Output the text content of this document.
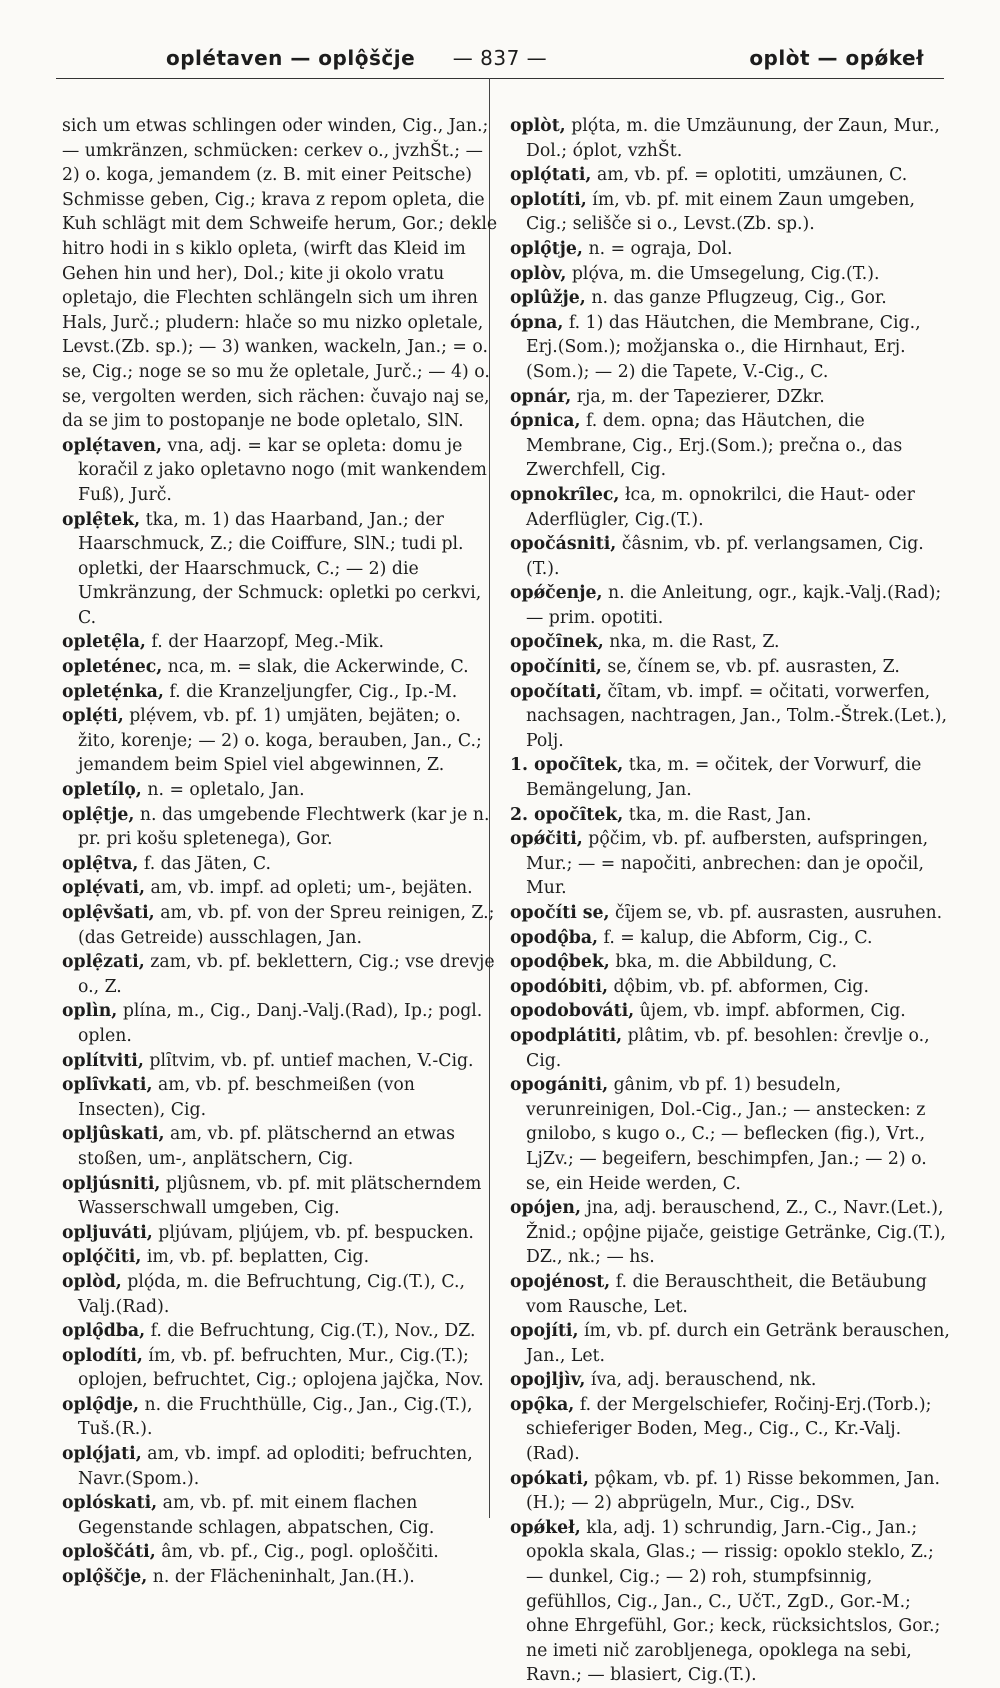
oplétaven — oplǫ̂ščje	— 837 —	oplòt — opǿkeł

sich um etwas schlingen oder winden, Cig., Jan.; — umkränzen, schmücken: cerkev o., jvzhŠt.; — 2) o. koga, jemandem (z. B. mit einer Peitsche) Schmisse geben, Cig.; krava z repom opleta, die Kuh schlägt mit dem Schweife herum, Gor.; dekle hitro hodi in s kiklo opleta, (wirft das Kleid im Gehen hin und her), Dol.; kite ji okolo vratu opletajo, die Flechten schlängeln sich um ihren Hals, Jurč.; pludern: hlače so mu nizko opletale, Levst.(Zb. sp.); — 3) wanken, wackeln, Jan.; = o. se, Cig.; noge se so mu že opletale, Jurč.; — 4) o. se, vergolten werden, sich rächen: čuvajo naj se, da se jim to postopanje ne bode opletalo, SlN.

oplẹ́taven, vna, adj. = kar se opleta: domu je koračil z jako opletavno nogo (mit wankendem Fuß), Jurč.

oplẹ̑tek, tka, m. 1) das Haarband, Jan.; der Haarschmuck, Z.; die Coiffure, SlN.; tudi pl. opletki, der Haarschmuck, C.; — 2) die Umkränzung, der Schmuck: opletki po cerkvi, C.

opletẹ̑la, f. der Haarzopf, Meg.-Mik.

opleténec, nca, m. = slak, die Ackerwinde, C.

opletẹ́nka, f. die Kranzeljungfer, Cig., Ip.-M.

oplẹ́ti, plẹ́vem, vb. pf. 1) umjäten, bejäten; o. žito, korenje; — 2) o. koga, berauben, Jan., C.; jemandem beim Spiel viel abgewinnen, Z.

opletílọ, n. = opletalo, Jan.

oplẹ̑tje, n. das umgebende Flechtwerk (kar je n. pr. pri košu spletenega), Gor.

oplẹ̑tva, f. das Jäten, C.

oplẹ́vati, am, vb. impf. ad opleti; um-, bejäten.

oplẹ̑všati, am, vb. pf. von der Spreu reinigen, Z.; (das Getreide) ausschlagen, Jan.

oplẹ̑zati, zam, vb. pf. beklettern, Cig.; vse drevje o., Z.

oplìn, plína, m., Cig., Danj.-Valj.(Rad), Ip.; pogl. oplen.

oplítviti, plȋtvim, vb. pf. untief machen, V.-Cig.

oplȋvkati, am, vb. pf. beschmeißen (von Insecten), Cig.

opljûskati, am, vb. pf. plätschernd an etwas stoßen, um-, anplätschern, Cig.

opljúsniti, pljûsnem, vb. pf. mit plätscherndem Wasserschwall umgeben, Cig.

opljuváti, pljúvam, pljújem, vb. pf. bespucken.

oplǫ́čiti, im, vb. pf. beplatten, Cig.

oplòd, plǫ́da, m. die Befruchtung, Cig.(T.), C., Valj.(Rad).

oplǫ̑dba, f. die Befruchtung, Cig.(T.), Nov., DZ.

oplodíti, ím, vb. pf. befruchten, Mur., Cig.(T.); oplojen, befruchtet, Cig.; oplojena jajčka, Nov.

oplǫ̑dje, n. die Fruchthülle, Cig., Jan., Cig.(T.), Tuš.(R.).

oplǫ́jati, am, vb. impf. ad oploditi; befruchten, Navr.(Spom.).

oplóskati, am, vb. pf. mit einem flachen Gegenstande schlagen, abpatschen, Cig.

oploščáti, âm, vb. pf., Cig., pogl. oploščiti.

oplǫ̂ščje, n. der Flächeninhalt, Jan.(H.).

oplòt, plǫ́ta, m. die Umzäunung, der Zaun, Mur., Dol.; óplot, vzhŠt.

oplǫ́tati, am, vb. pf. = oplotiti, umzäunen, C.

oplotíti, ím, vb. pf. mit einem Zaun umgeben, Cig.; selišče si o., Levst.(Zb. sp.).

oplǫ̑tje, n. = ograja, Dol.

oplòv, plǫ́va, m. die Umsegelung, Cig.(T.).

oplûžje, n. das ganze Pflugzeug, Cig., Gor.

ópna, f. 1) das Häutchen, die Membrane, Cig., Erj.(Som.); možjanska o., die Hirnhaut, Erj.(Som.); — 2) die Tapete, V.-Cig., C.

opnár, rja, m. der Tapezierer, DZkr.

ópnica, f. dem. opna; das Häutchen, die Membrane, Cig., Erj.(Som.); prečna o., das Zwerchfell, Cig.

opnokrȋlec, łca, m. opnokrilci, die Haut- oder Aderflügler, Cig.(T.).

opočásniti, čâsnim, vb. pf. verlangsamen, Cig.(T.).

opǿčenje, n. die Anleitung, ogr., kajk.-Valj.(Rad); — prim. opotiti.

opočȋnek, nka, m. die Rast, Z.

opočíniti, se, čínem se, vb. pf. ausrasten, Z.

opočítati, čȋtam, vb. impf. = očitati, vorwerfen, nachsagen, nachtragen, Jan., Tolm.-Štrek.(Let.), Polj.

1. opočȋtek, tka, m. = očitek, der Vorwurf, die Bemängelung, Jan.

2. opočȋtek, tka, m. die Rast, Jan.

opǿčiti, pǫ̂čim, vb. pf. aufbersten, aufspringen, Mur.; — = napočiti, anbrechen: dan je opočil, Mur.

opočíti se, čȋjem se, vb. pf. ausrasten, ausruhen.

opodǫ̂ba, f. = kalup, die Abform, Cig., C.

opodǫ̂bek, bka, m. die Abbildung, C.

opodóbiti, dǫ̂bim, vb. pf. abformen, Cig.

opodobováti, ûjem, vb. impf. abformen, Cig.

opodplátiti, plâtim, vb. pf. besohlen: črevlje o., Cig.

opogániti, gânim, vb pf. 1) besudeln, verunreinigen, Dol.-Cig., Jan.; — anstecken: z gnilobo, s kugo o., C.; — beflecken (fig.), Vrt., LjZv.; — begeifern, beschimpfen, Jan.; — 2) o. se, ein Heide werden, C.

opójen, jna, adj. berauschend, Z., C., Navr.(Let.), Žnid.; opǫ̂jne pijače, geistige Getränke, Cig.(T.), DZ., nk.; — hs.

opojénost, f. die Berauschtheit, die Betäubung vom Rausche, Let.

opojíti, ím, vb. pf. durch ein Getränk berauschen, Jan., Let.

opojljìv, íva, adj. berauschend, nk.

opǫ̑ka, f. der Mergelschiefer, Ročinj-Erj.(Torb.); schieferiger Boden, Meg., Cig., C., Kr.-Valj.(Rad).

opókati, pǫ̂kam, vb. pf. 1) Risse bekommen, Jan.(H.); — 2) abprügeln, Mur., Cig., DSv.

opǿkeł, kla, adj. 1) schrundig, Jarn.-Cig., Jan.; opokla skala, Glas.; — rissig: opoklo steklo, Z.; — dunkel, Cig.; — 2) roh, stumpfsinnig, gefühllos, Cig., Jan., C., UčT., ZgD., Gor.-M.; ohne Ehrgefühl, Gor.; keck, rücksichtslos, Gor.; ne imeti nič zarobljenega, opoklega na sebi, Ravn.; — blasiert, Cig.(T.).
